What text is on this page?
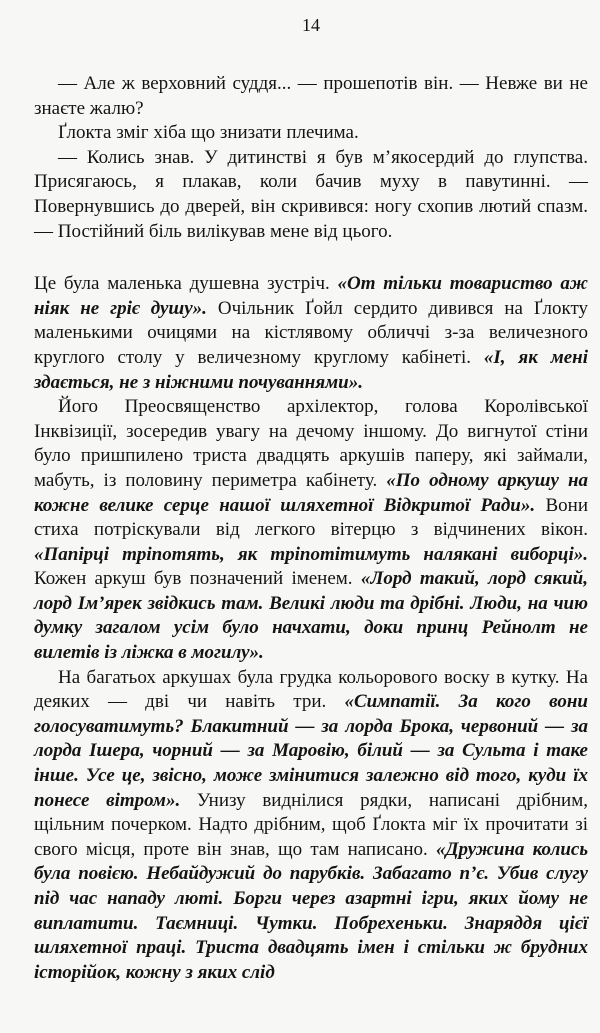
14

— Але ж верховний суддя... — прошепотів він. — Невже ви не знаєте жалю?

Ґлокта зміг хіба що знизати плечима.

— Колись знав. У дитинстві я був м’якосердий до глупства. Присягаюсь, я плакав, коли бачив муху в павутинні. — Повернувшись до дверей, він скривився: ногу схопив лютий спазм. — Постійний біль вилікував мене від цього.

Це була маленька душевна зустріч. «От тільки товариство аж ніяк не гріє душу». Очільник Ґойл сердито дивився на Ґлокту маленькими очицями на кістлявому обличчі з-за величезного круглого столу у величезному круглому кабінеті. «І, як мені здається, не з ніжними почуваннями».

Його Преосвященство архілектор, голова Королівської Інквізиції, зосередив увагу на дечому іншому. До вигнутої стіни було пришпилено триста двадцять аркушів паперу, які займали, мабуть, із половину периметра кабінету. «По одному аркушу на кожне велике серце нашої шляхетної Відкритої Ради». Вони стиха потріскували від легкого вітерцю з відчинених вікон. «Папірці тріпотять, як тріпотітимуть налякані виборці». Кожен аркуш був позначений іменем. «Лорд такий, лорд сякий, лорд Ім’ярек звідкись там. Великі люди та дрібні. Люди, на чию думку загалом усім було начхати, доки принц Рейнолт не вилетів із ліжка в могилу».

На багатьох аркушах була грудка кольорового воску в кутку. На деяких — дві чи навіть три. «Симпатії. За кого вони голосуватимуть? Блакитний — за лорда Брока, червоний — за лорда Ішера, чорний — за Маровію, білий — за Сульта і таке інше. Усе це, звісно, може змінитися залежно від того, куди їх понесе вітром». Унизу виднілися рядки, написані дрібним, щільним почерком. Надто дрібним, щоб Ґлокта міг їх прочитати зі свого місця, проте він знав, що там написано. «Дружина колись була повією. Небайдужий до парубків. Забагато п’є. Убив слугу під час нападу люті. Борги через азартні ігри, яких йому не виплатити. Таємниці. Чутки. Побрехеньки. Знаряддя цієї шляхетної праці. Триста двадцять імен і стільки ж брудних історійок, кожну з яких слід
